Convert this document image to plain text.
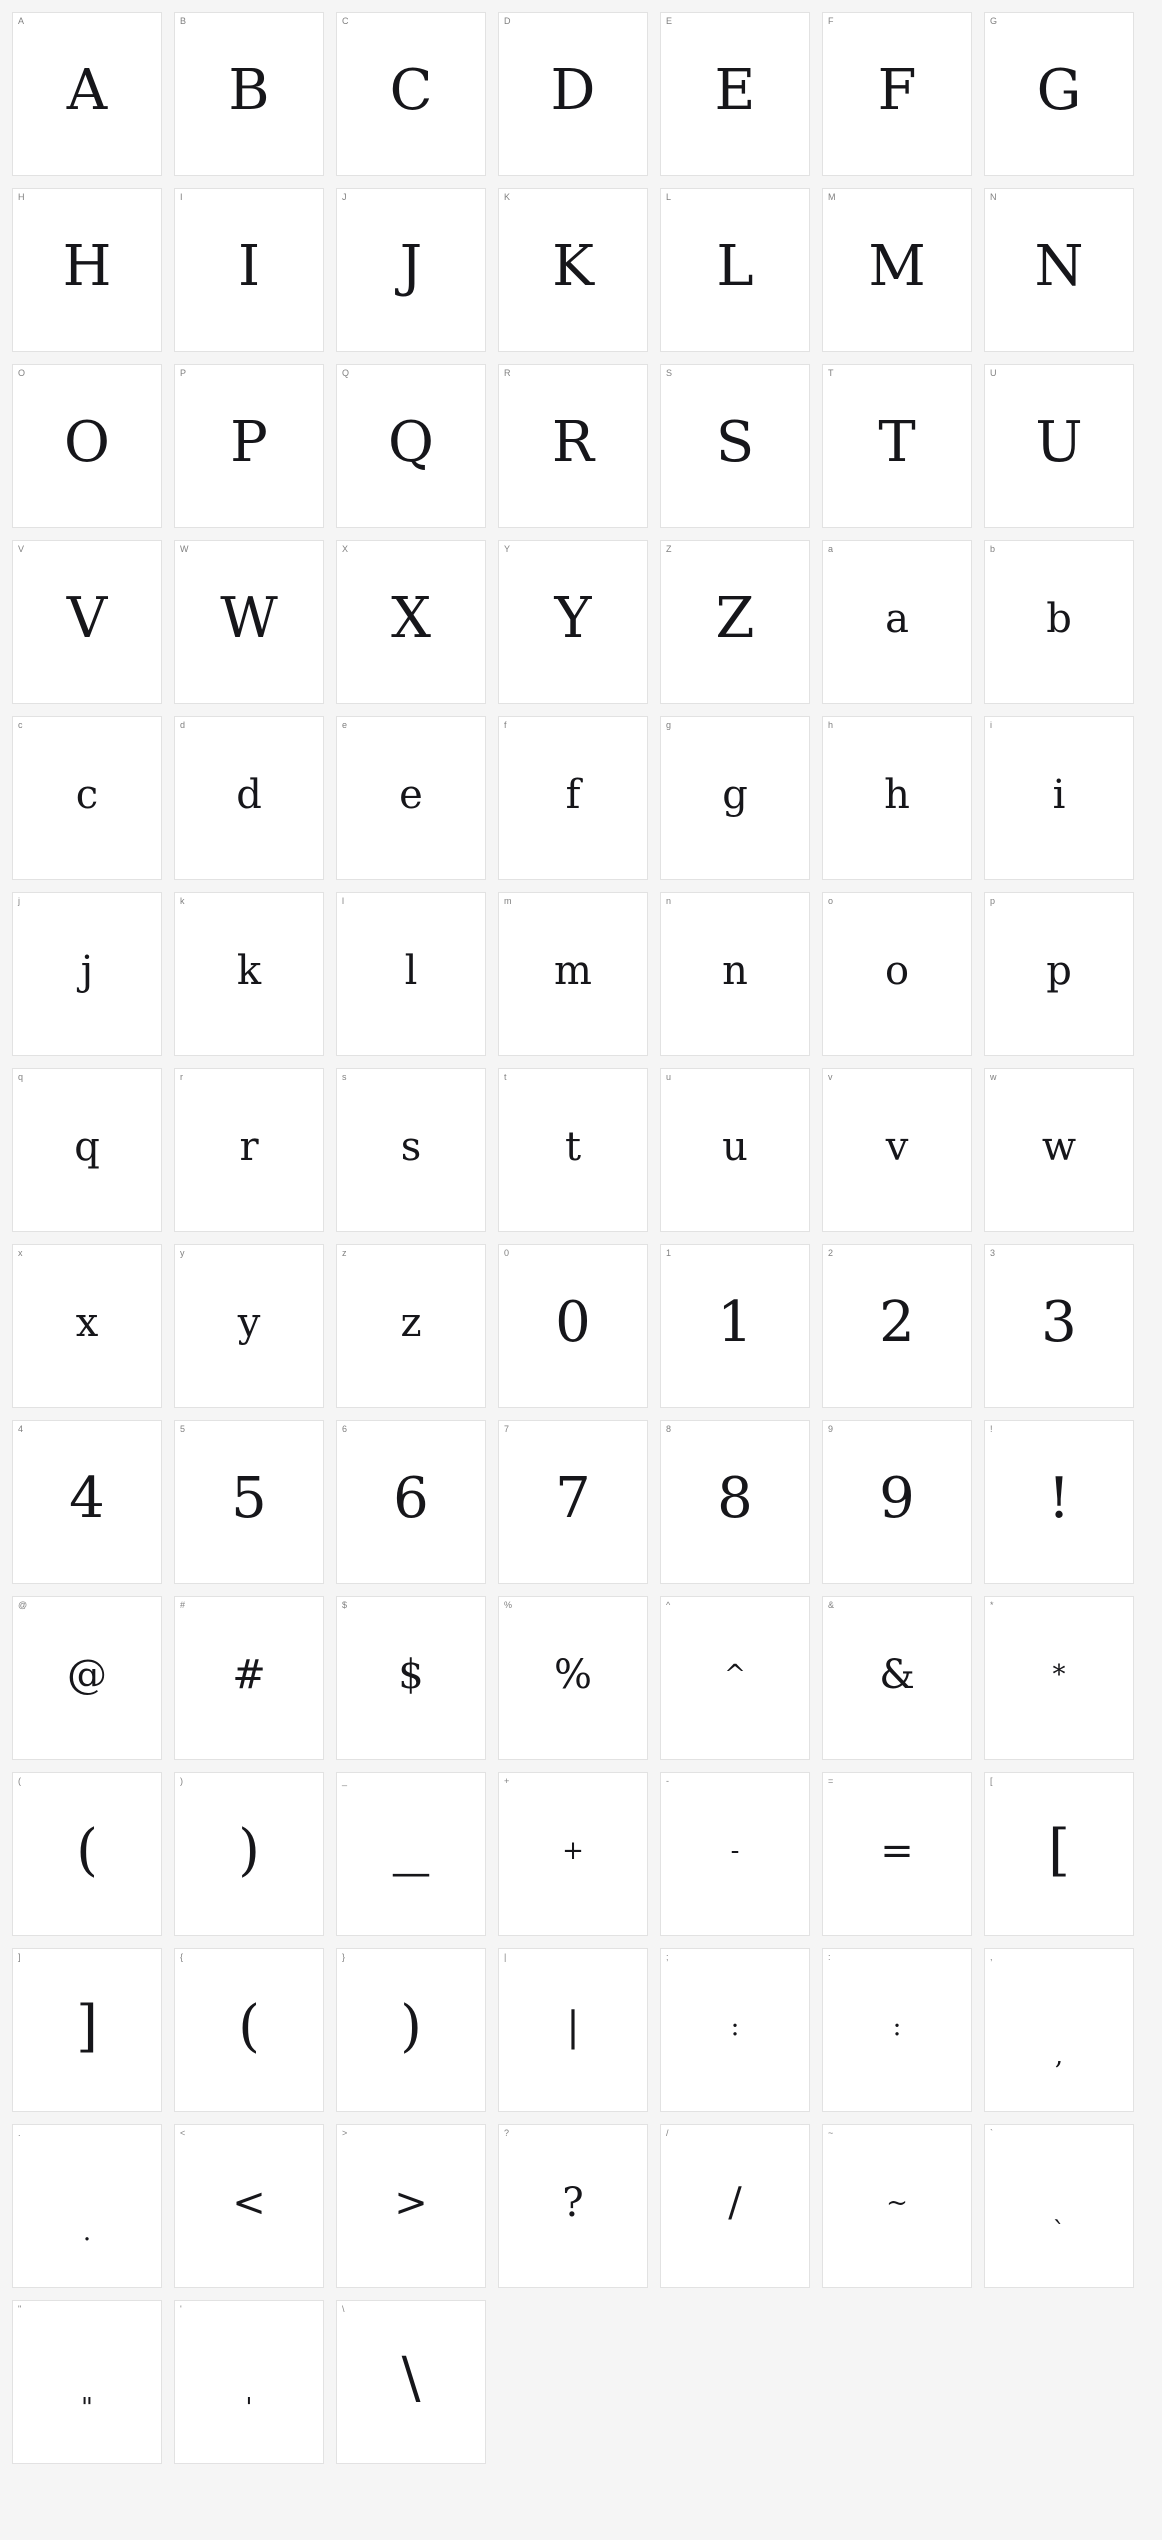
A
A
B
B
C
C
D
D
E
E
F
F
G
G
H
H
I
I
J
J
K
K
L
L
M
M
N
N
O
O
P
P
Q
Q
R
R
S
S
T
T
U
U
V
V
W
W
X
X
Y
Y
Z
Z
a
a
b
b
c
c
d
d
e
e
f
f
g
g
h
h
i
i
j
j
k
k
l
l
m
m
n
n
o
o
p
p
q
q
r
r
s
s
t
t
u
u
v
v
w
w
x
x
y
y
z
z
0
0
1
1
2
2
3
3
4
4
5
5
6
6
7
7
8
8
9
9
!
!
@
@
#
#
$
$
%
%
^
^
&
&
*
*
(
(
)
)
_
—
+
+
-
-
=
=
[
[
]
]
{
(
}
)
|
|
;
:
:
:
,
,
.
.
<
<
>
>
?
?
/
/
~
~
`
`
"
"
'
'
\
\
